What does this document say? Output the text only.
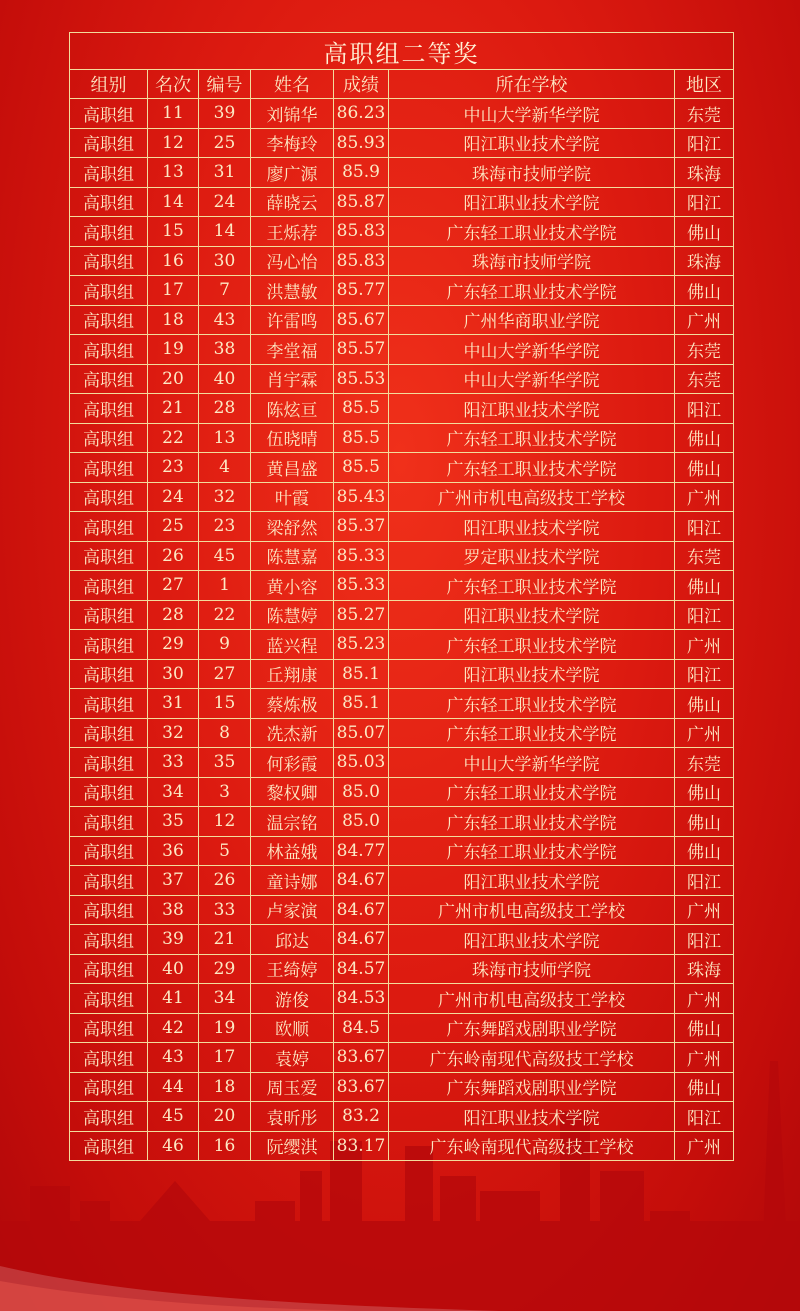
高职组二等奖						
组别	名次	编号	姓名	成绩	所在学校	地区
高职组	11	39	刘锦华	86.23	中山大学新华学院	东莞
高职组	12	25	李梅玲	85.93	阳江职业技术学院	阳江
高职组	13	31	廖广源	85.9	珠海市技师学院	珠海
高职组	14	24	薛晓云	85.87	阳江职业技术学院	阳江
高职组	15	14	王烁荐	85.83	广东轻工职业技术学院	佛山
高职组	16	30	冯心怡	85.83	珠海市技师学院	珠海
高职组	17	7	洪慧敏	85.77	广东轻工职业技术学院	佛山
高职组	18	43	许雷鸣	85.67	广州华商职业学院	广州
高职组	19	38	李堂福	85.57	中山大学新华学院	东莞
高职组	20	40	肖宇霖	85.53	中山大学新华学院	东莞
高职组	21	28	陈炫亘	85.5	阳江职业技术学院	阳江
高职组	22	13	伍晓晴	85.5	广东轻工职业技术学院	佛山
高职组	23	4	黄昌盛	85.5	广东轻工职业技术学院	佛山
高职组	24	32	叶霞	85.43	广州市机电高级技工学校	广州
高职组	25	23	梁舒然	85.37	阳江职业技术学院	阳江
高职组	26	45	陈慧嘉	85.33	罗定职业技术学院	东莞
高职组	27	1	黄小容	85.33	广东轻工职业技术学院	佛山
高职组	28	22	陈慧婷	85.27	阳江职业技术学院	阳江
高职组	29	9	蓝兴程	85.23	广东轻工职业技术学院	广州
高职组	30	27	丘翔康	85.1	阳江职业技术学院	阳江
高职组	31	15	蔡炼极	85.1	广东轻工职业技术学院	佛山
高职组	32	8	冼杰新	85.07	广东轻工职业技术学院	广州
高职组	33	35	何彩霞	85.03	中山大学新华学院	东莞
高职组	34	3	黎权卿	85.0	广东轻工职业技术学院	佛山
高职组	35	12	温宗铭	85.0	广东轻工职业技术学院	佛山
高职组	36	5	林益娥	84.77	广东轻工职业技术学院	佛山
高职组	37	26	童诗娜	84.67	阳江职业技术学院	阳江
高职组	38	33	卢家演	84.67	广州市机电高级技工学校	广州
高职组	39	21	邱达	84.67	阳江职业技术学院	阳江
高职组	40	29	王绮婷	84.57	珠海市技师学院	珠海
高职组	41	34	游俊	84.53	广州市机电高级技工学校	广州
高职组	42	19	欧顺	84.5	广东舞蹈戏剧职业学院	佛山
高职组	43	17	袁婷	83.67	广东岭南现代高级技工学校	广州
高职组	44	18	周玉爱	83.67	广东舞蹈戏剧职业学院	佛山
高职组	45	20	袁昕彤	83.2	阳江职业技术学院	阳江
高职组	46	16	阮缨淇	83.17	广东岭南现代高级技工学校	广州
